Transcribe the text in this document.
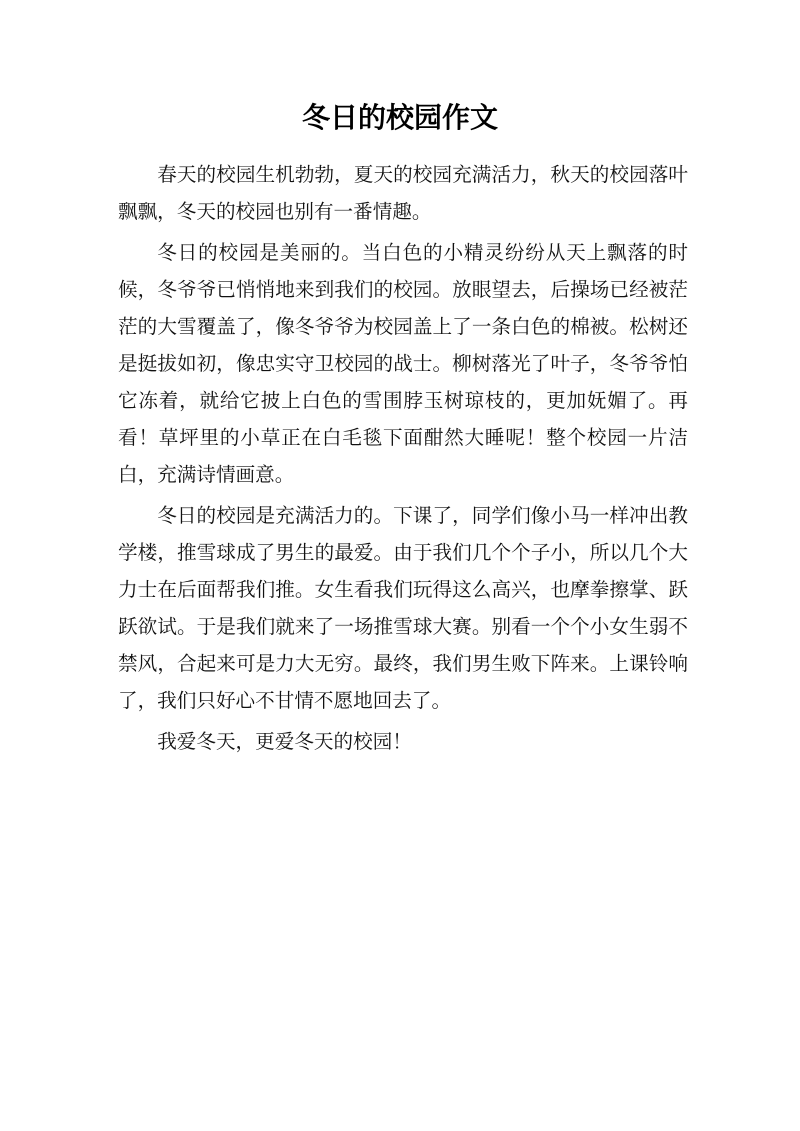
冬日的校园作文

春天的校园生机勃勃，夏天的校园充满活力，秋天的校园落叶飘飘，冬天的校园也别有一番情趣。

冬日的校园是美丽的。当白色的小精灵纷纷从天上飘落的时候，冬爷爷已悄悄地来到我们的校园。放眼望去，后操场已经被茫茫的大雪覆盖了，像冬爷爷为校园盖上了一条白色的棉被。松树还是挺拔如初，像忠实守卫校园的战士。柳树落光了叶子，冬爷爷怕它冻着，就给它披上白色的雪围脖玉树琼枝的，更加妩媚了。再看！草坪里的小草正在白毛毯下面酣然大睡呢！整个校园一片洁白，充满诗情画意。

冬日的校园是充满活力的。下课了，同学们像小马一样冲出教学楼，推雪球成了男生的最爱。由于我们几个个子小，所以几个大力士在后面帮我们推。女生看我们玩得这么高兴，也摩拳擦掌、跃跃欲试。于是我们就来了一场推雪球大赛。别看一个个小女生弱不禁风，合起来可是力大无穷。最终，我们男生败下阵来。上课铃响了，我们只好心不甘情不愿地回去了。

我爱冬天，更爱冬天的校园！
